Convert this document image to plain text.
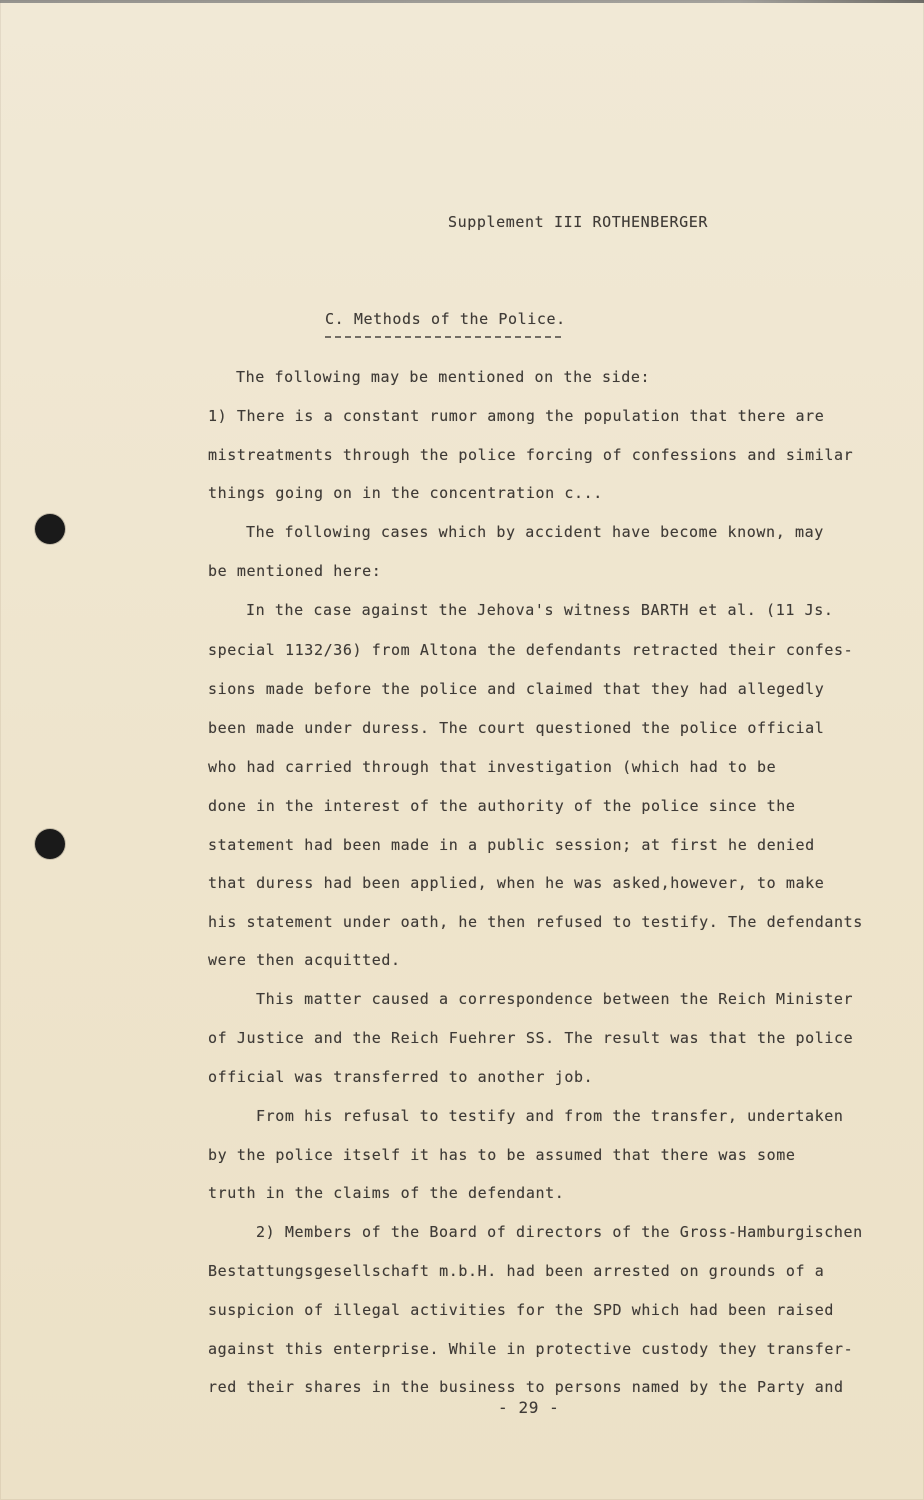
Supplement III ROTHENBERGER

C. Methods of the Police.

The following may be mentioned on the side:

1) There is a constant rumor among the population that there are

mistreatments through the police forcing of confessions and similar

things going on in the concentration c...

The following cases which by accident have become known, may

be mentioned here:

In the case against the Jehova's witness BARTH et al. (11 Js.

special 1132/36) from Altona the defendants retracted their confes-

sions made before the police and claimed that they had allegedly

been made under duress. The court questioned the police official

who had carried through that investigation (which had to be

done in the interest of the authority of the police since the

statement had been made in a public session; at first he denied

that duress had been applied, when he was asked,however, to make

his statement under oath, he then refused to testify. The defendants

were then acquitted.

This matter caused a correspondence between the Reich Minister

of Justice and the Reich Fuehrer SS. The result was that the police

official was transferred to another job.

From his refusal to testify and from the transfer, undertaken

by the police itself it has to be assumed that there was some

truth in the claims of the defendant.

2) Members of the Board of directors of the Gross-Hamburgischen

Bestattungsgesellschaft m.b.H. had been arrested on grounds of a

suspicion of illegal activities for the SPD which had been raised

against this enterprise. While in protective custody they transfer-

red their shares in the business to persons named by the Party and

- 29 -
